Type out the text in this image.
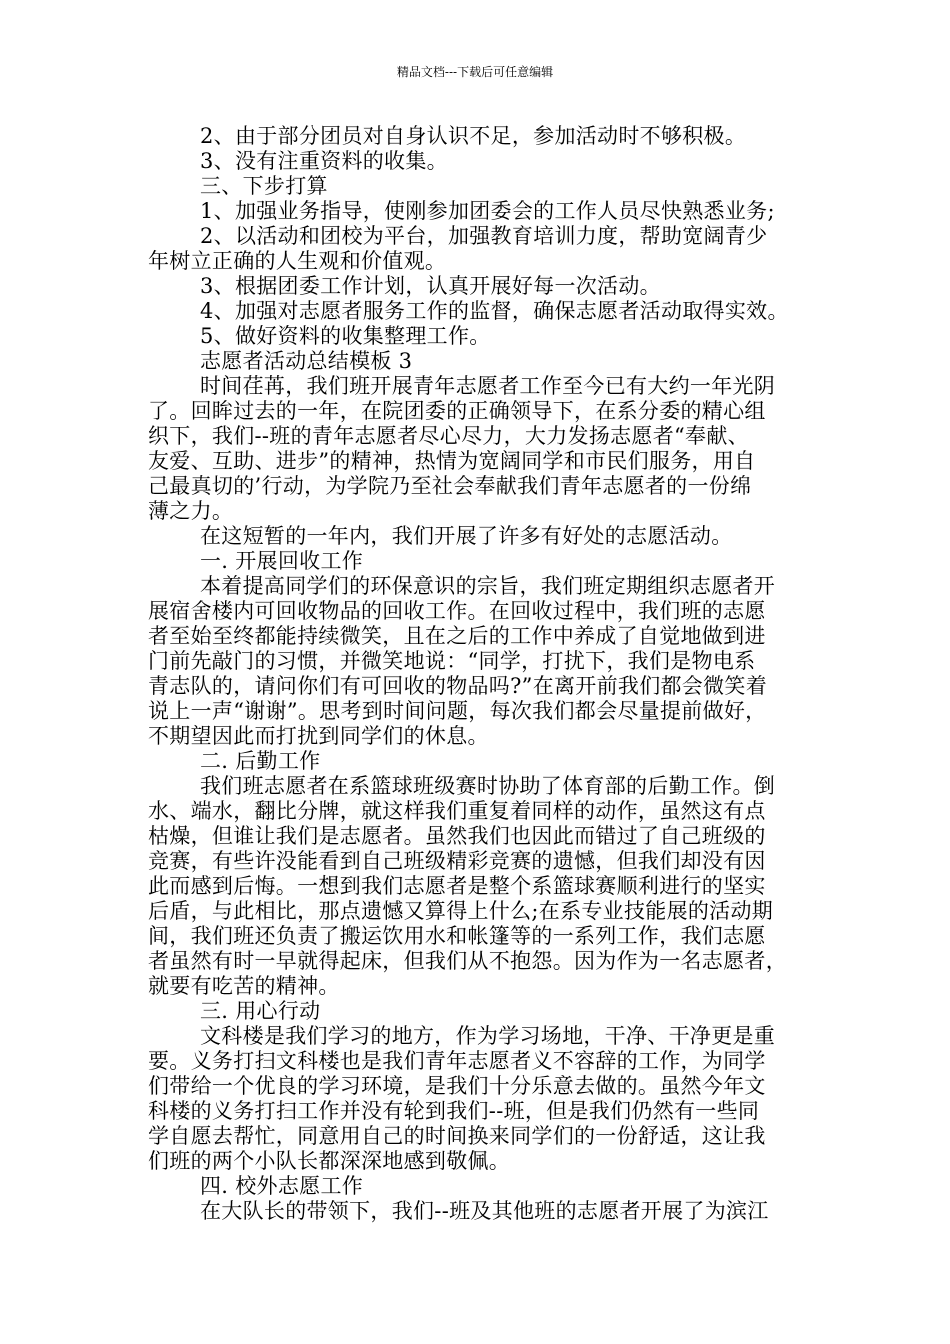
精品文档---下载后可任意编辑
2、由于部分团员对自身认识不足，参加活动时不够积极。
3、没有注重资料的收集。
三、下步打算
1、加强业务指导，使刚参加团委会的工作人员尽快熟悉业务;
2、以活动和团校为平台，加强教育培训力度，帮助宽阔青少
年树立正确的人生观和价值观。
3、根据团委工作计划，认真开展好每一次活动。
4、加强对志愿者服务工作的监督，确保志愿者活动取得实效。
5、做好资料的收集整理工作。
志愿者活动总结模板 3
时间荏苒，我们班开展青年志愿者工作至今已有大约一年光阴
了。回眸过去的一年，在院团委的正确领导下，在系分委的精心组
织下，我们--班的青年志愿者尽心尽力，大力发扬志愿者“奉献、
友爱、互助、进步”的精神，热情为宽阔同学和市民们服务，用自
己最真切的’行动，为学院乃至社会奉献我们青年志愿者的一份绵
薄之力。
在这短暂的一年内，我们开展了许多有好处的志愿活动。
一. 开展回收工作
本着提高同学们的环保意识的宗旨，我们班定期组织志愿者开
展宿舍楼内可回收物品的回收工作。在回收过程中，我们班的志愿
者至始至终都能持续微笑，且在之后的工作中养成了自觉地做到进
门前先敲门的习惯，并微笑地说：“同学，打扰下，我们是物电系
青志队的，请问你们有可回收的物品吗?”在离开前我们都会微笑着
说上一声“谢谢”。思考到时间问题，每次我们都会尽量提前做好，
不期望因此而打扰到同学们的休息。
二. 后勤工作
我们班志愿者在系篮球班级赛时协助了体育部的后勤工作。倒
水、端水，翻比分牌，就这样我们重复着同样的动作，虽然这有点
枯燥，但谁让我们是志愿者。虽然我们也因此而错过了自己班级的
竞赛，有些许没能看到自己班级精彩竞赛的遗憾，但我们却没有因
此而感到后悔。一想到我们志愿者是整个系篮球赛顺利进行的坚实
后盾，与此相比，那点遗憾又算得上什么;在系专业技能展的活动期
间，我们班还负责了搬运饮用水和帐篷等的一系列工作，我们志愿
者虽然有时一早就得起床，但我们从不抱怨。因为作为一名志愿者，
就要有吃苦的精神。
三. 用心行动
文科楼是我们学习的地方，作为学习场地，干净、干净更是重
要。义务打扫文科楼也是我们青年志愿者义不容辞的工作，为同学
们带给一个优良的学习环境，是我们十分乐意去做的。虽然今年文
科楼的义务打扫工作并没有轮到我们--班，但是我们仍然有一些同
学自愿去帮忙，同意用自己的时间换来同学们的一份舒适，这让我
们班的两个小队长都深深地感到敬佩。
四. 校外志愿工作
在大队长的带领下，我们--班及其他班的志愿者开展了为滨江
